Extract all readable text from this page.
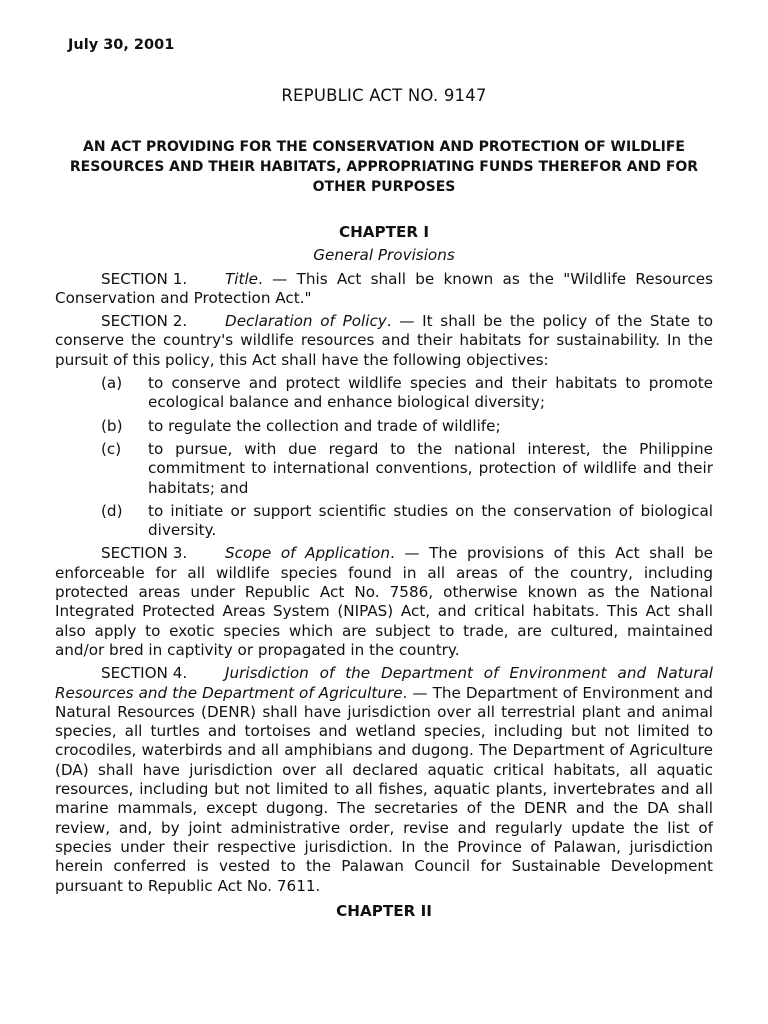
July 30, 2001
REPUBLIC ACT NO. 9147
AN ACT PROVIDING FOR THE CONSERVATION AND PROTECTION OF WILDLIFE RESOURCES AND THEIR HABITATS, APPROPRIATING FUNDS THEREFOR AND FOR OTHER PURPOSES
CHAPTER I
General Provisions

SECTION 1. Title. — This Act shall be known as the "Wildlife Resources Conservation and Protection Act."

SECTION 2. Declaration of Policy. — It shall be the policy of the State to conserve the country's wildlife resources and their habitats for sustainability. In the pursuit of this policy, this Act shall have the following objectives:

(a) to conserve and protect wildlife species and their habitats to promote ecological balance and enhance biological diversity;
(b) to regulate the collection and trade of wildlife;
(c) to pursue, with due regard to the national interest, the Philippine commitment to international conventions, protection of wildlife and their habitats; and
(d) to initiate or support scientific studies on the conservation of biological diversity.

SECTION 3. Scope of Application. — The provisions of this Act shall be enforceable for all wildlife species found in all areas of the country, including protected areas under Republic Act No. 7586, otherwise known as the National Integrated Protected Areas System (NIPAS) Act, and critical habitats. This Act shall also apply to exotic species which are subject to trade, are cultured, maintained and/or bred in captivity or propagated in the country.

SECTION 4. Jurisdiction of the Department of Environment and Natural Resources and the Department of Agriculture. — The Department of Environment and Natural Resources (DENR) shall have jurisdiction over all terrestrial plant and animal species, all turtles and tortoises and wetland species, including but not limited to crocodiles, waterbirds and all amphibians and dugong. The Department of Agriculture (DA) shall have jurisdiction over all declared aquatic critical habitats, all aquatic resources, including but not limited to all fishes, aquatic plants, invertebrates and all marine mammals, except dugong. The secretaries of the DENR and the DA shall review, and, by joint administrative order, revise and regularly update the list of species under their respective jurisdiction. In the Province of Palawan, jurisdiction herein conferred is vested to the Palawan Council for Sustainable Development pursuant to Republic Act No. 7611.

CHAPTER II
